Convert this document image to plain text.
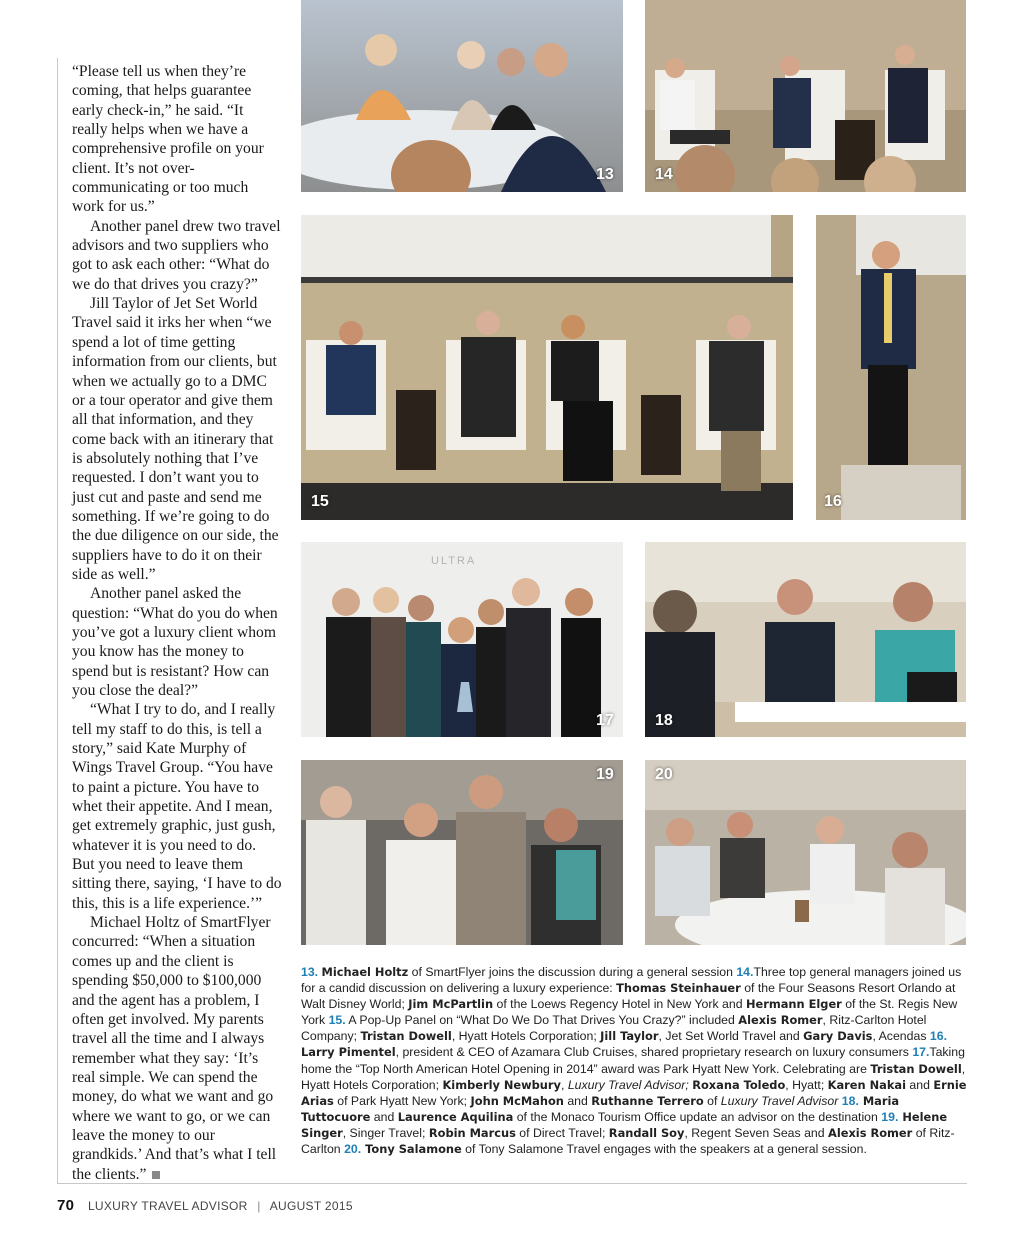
“Please tell us when they’re coming, that helps guarantee early check-in,” he said. “It really helps when we have a comprehensive profile on your client. It’s not over-communicating or too much work for us.”

Another panel drew two travel advisors and two suppliers who got to ask each other: “What do we do that drives you crazy?”

Jill Taylor of Jet Set World Travel said it irks her when “we spend a lot of time getting information from our clients, but when we actually go to a DMC or a tour operator and give them all that information, and they come back with an itinerary that is absolutely nothing that I’ve requested. I don’t want you to just cut and paste and send me something. If we’re going to do the due diligence on our side, the suppliers have to do it on their side as well.”

Another panel asked the question: “What do you do when you’ve got a luxury client whom you know has the money to spend but is resistant? How can you close the deal?”

“What I try to do, and I really tell my staff to do this, is tell a story,” said Kate Murphy of Wings Travel Group. “You have to paint a picture. You have to whet their appetite. And I mean, get extremely graphic, just gush, whatever it is you need to do. But you need to leave them sitting there, saying, ‘I have to do this, this is a life experience.’”

Michael Holtz of SmartFlyer concurred: “When a situation comes up and the client is spending $50,000 to $100,000 and the agent has a problem, I often get involved. My parents travel all the time and I always remember what they say: ‘It’s real simple. We can spend the money, do what we want and go where we want to go, or we can leave the money to our grandkids.’ And that’s what I tell the clients.”

13	14
15	16
ULTRA
17	18
19	20
13. Michael Holtz of SmartFlyer joins the discussion during a general session 14.Three top general managers joined us for a candid discussion on delivering a luxury experience: Thomas Steinhauer of the Four Seasons Resort Orlando at Walt Disney World; Jim McPartlin of the Loews Regency Hotel in New York and Hermann Elger of the St. Regis New York 15. A Pop-Up Panel on “What Do We Do That Drives You Crazy?” included Alexis Romer, Ritz-Carlton Hotel Company; Tristan Dowell, Hyatt Hotels Corporation; Jill Taylor, Jet Set World Travel and Gary Davis, Acendas 16. Larry Pimentel, president & CEO of Azamara Club Cruises, shared proprietary research on luxury consumers 17.Taking home the “Top North American Hotel Opening in 2014” award was Park Hyatt New York. Celebrating are Tristan Dowell, Hyatt Hotels Corporation; Kimberly Newbury, Luxury Travel Advisor; Roxana Toledo, Hyatt; Karen Nakai and Ernie Arias of Park Hyatt New York; John McMahon and Ruthanne Terrero of Luxury Travel Advisor 18. Maria Tuttocuore and Laurence Aquilina of the Monaco Tourism Office update an advisor on the destination 19. Helene Singer, Singer Travel; Robin Marcus of Direct Travel; Randall Soy, Regent Seven Seas and Alexis Romer of Ritz-Carlton 20. Tony Salamone of Tony Salamone Travel engages with the speakers at a general session.
70 LUXURY TRAVEL ADVISOR | AUGUST 2015
